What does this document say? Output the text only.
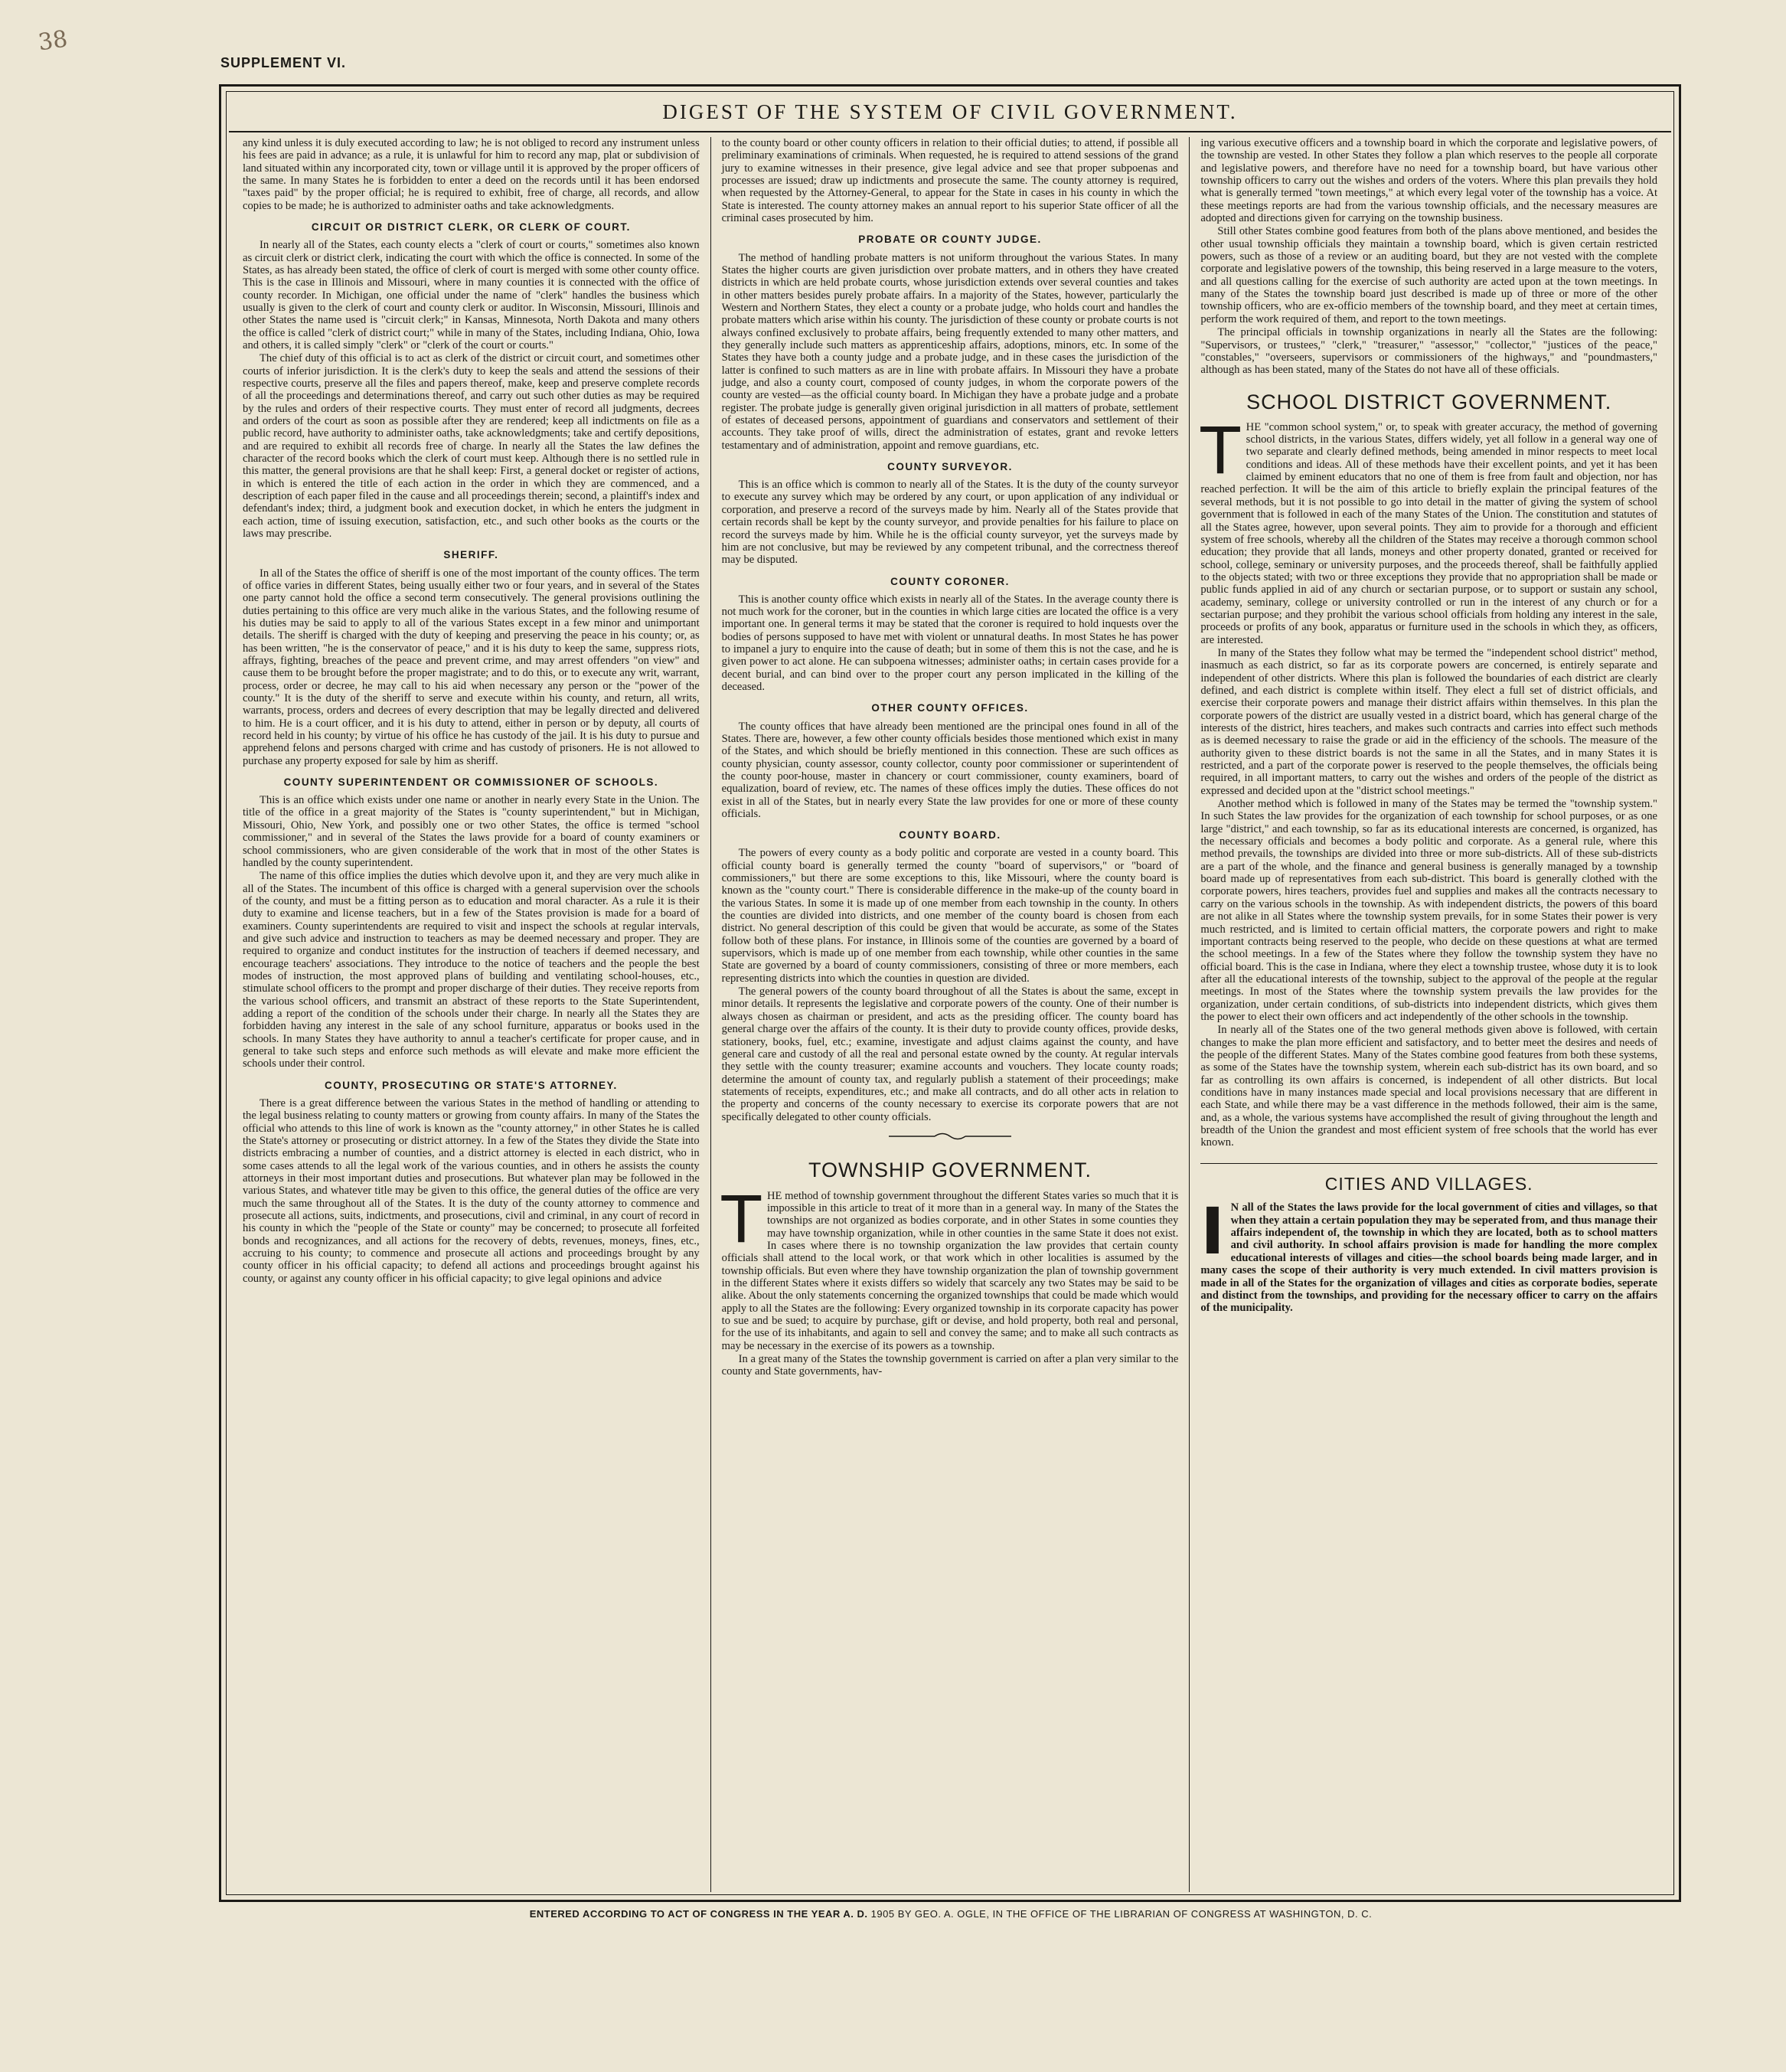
38
SUPPLEMENT VI.
DIGEST OF THE SYSTEM OF CIVIL GOVERNMENT.

any kind unless it is duly executed according to law; he is not obliged to record any instrument unless his fees are paid in advance; as a rule, it is unlawful for him to record any map, plat or subdivision of land situated within any incorporated city, town or village until it is approved by the proper officers of the same. In many States he is forbidden to enter a deed on the records until it has been endorsed "taxes paid" by the proper official; he is required to exhibit, free of charge, all records, and allow copies to be made; he is authorized to administer oaths and take acknowledgments.

CIRCUIT OR DISTRICT CLERK, OR CLERK OF COURT.

In nearly all of the States, each county elects a "clerk of court or courts," sometimes also known as circuit clerk or district clerk, indicating the court with which the office is connected. In some of the States, as has already been stated, the office of clerk of court is merged with some other county office. This is the case in Illinois and Missouri, where in many counties it is connected with the office of county recorder. In Michigan, one official under the name of "clerk" handles the business which usually is given to the clerk of court and county clerk or auditor. In Wisconsin, Missouri, Illinois and other States the name used is "circuit clerk;" in Kansas, Minnesota, North Dakota and many others the office is called "clerk of district court;" while in many of the States, including Indiana, Ohio, Iowa and others, it is called simply "clerk" or "clerk of the court or courts."

The chief duty of this official is to act as clerk of the district or circuit court, and sometimes other courts of inferior jurisdiction. It is the clerk's duty to keep the seals and attend the sessions of their respective courts, preserve all the files and papers thereof, make, keep and preserve complete records of all the proceedings and determinations thereof, and carry out such other duties as may be required by the rules and orders of their respective courts. They must enter of record all judgments, decrees and orders of the court as soon as possible after they are rendered; keep all indictments on file as a public record, have authority to administer oaths, take acknowledgments; take and certify depositions, and are required to exhibit all records free of charge. In nearly all the States the law defines the character of the record books which the clerk of court must keep. Although there is no settled rule in this matter, the general provisions are that he shall keep: First, a general docket or register of actions, in which is entered the title of each action in the order in which they are commenced, and a description of each paper filed in the cause and all proceedings therein; second, a plaintiff's index and defendant's index; third, a judgment book and execution docket, in which he enters the judgment in each action, time of issuing execution, satisfaction, etc., and such other books as the courts or the laws may prescribe.

SHERIFF.

In all of the States the office of sheriff is one of the most important of the county offices. The term of office varies in different States, being usually either two or four years, and in several of the States one party cannot hold the office a second term consecutively. The general provisions outlining the duties pertaining to this office are very much alike in the various States, and the following resume of his duties may be said to apply to all of the various States except in a few minor and unimportant details. The sheriff is charged with the duty of keeping and preserving the peace in his county; or, as has been written, "he is the conservator of peace," and it is his duty to keep the same, suppress riots, affrays, fighting, breaches of the peace and prevent crime, and may arrest offenders "on view" and cause them to be brought before the proper magistrate; and to do this, or to execute any writ, warrant, process, order or decree, he may call to his aid when necessary any person or the "power of the county." It is the duty of the sheriff to serve and execute within his county, and return, all writs, warrants, process, orders and decrees of every description that may be legally directed and delivered to him. He is a court officer, and it is his duty to attend, either in person or by deputy, all courts of record held in his county; by virtue of his office he has custody of the jail. It is his duty to pursue and apprehend felons and persons charged with crime and has custody of prisoners. He is not allowed to purchase any property exposed for sale by him as sheriff.

COUNTY SUPERINTENDENT OR COMMISSIONER OF SCHOOLS.

This is an office which exists under one name or another in nearly every State in the Union. The title of the office in a great majority of the States is "county superintendent," but in Michigan, Missouri, Ohio, New York, and possibly one or two other States, the office is termed "school commissioner," and in several of the States the laws provide for a board of county examiners or school commissioners, who are given considerable of the work that in most of the other States is handled by the county superintendent.

The name of this office implies the duties which devolve upon it, and they are very much alike in all of the States. The incumbent of this office is charged with a general supervision over the schools of the county, and must be a fitting person as to education and moral character. As a rule it is their duty to examine and license teachers, but in a few of the States provision is made for a board of examiners. County superintendents are required to visit and inspect the schools at regular intervals, and give such advice and instruction to teachers as may be deemed necessary and proper. They are required to organize and conduct institutes for the instruction of teachers if deemed necessary, and encourage teachers' associations. They introduce to the notice of teachers and the people the best modes of instruction, the most approved plans of building and ventilating school-houses, etc., stimulate school officers to the prompt and proper discharge of their duties. They receive reports from the various school officers, and transmit an abstract of these reports to the State Superintendent, adding a report of the condition of the schools under their charge. In nearly all the States they are forbidden having any interest in the sale of any school furniture, apparatus or books used in the schools. In many States they have authority to annul a teacher's certificate for proper cause, and in general to take such steps and enforce such methods as will elevate and make more efficient the schools under their control.

COUNTY, PROSECUTING OR STATE'S ATTORNEY.

There is a great difference between the various States in the method of handling or attending to the legal business relating to county matters or growing from county affairs. In many of the States the official who attends to this line of work is known as the "county attorney," in other States he is called the State's attorney or prosecuting or district attorney. In a few of the States they divide the State into districts embracing a number of counties, and a district attorney is elected in each district, who in some cases attends to all the legal work of the various counties, and in others he assists the county attorneys in their most important duties and prosecutions. But whatever plan may be followed in the various States, and whatever title may be given to this office, the general duties of the office are very much the same throughout all of the States. It is the duty of the county attorney to commence and prosecute all actions, suits, indictments, and prosecutions, civil and criminal, in any court of record in his county in which the "people of the State or county" may be concerned; to prosecute all forfeited bonds and recognizances, and all actions for the recovery of debts, revenues, moneys, fines, etc., accruing to his county; to commence and prosecute all actions and proceedings brought by any county officer in his official capacity; to defend all actions and proceedings brought against his county, or against any county officer in his official capacity; to give legal opinions and advice

to the county board or other county officers in relation to their official duties; to attend, if possible all preliminary examinations of criminals. When requested, he is required to attend sessions of the grand jury to examine witnesses in their presence, give legal advice and see that proper subpoenas and processes are issued; draw up indictments and prosecute the same. The county attorney is required, when requested by the Attorney-General, to appear for the State in cases in his county in which the State is interested. The county attorney makes an annual report to his superior State officer of all the criminal cases prosecuted by him.

PROBATE OR COUNTY JUDGE.

The method of handling probate matters is not uniform throughout the various States. In many States the higher courts are given jurisdiction over probate matters, and in others they have created districts in which are held probate courts, whose jurisdiction extends over several counties and takes in other matters besides purely probate affairs. In a majority of the States, however, particularly the Western and Northern States, they elect a county or a probate judge, who holds court and handles the probate matters which arise within his county. The jurisdiction of these county or probate courts is not always confined exclusively to probate affairs, being frequently extended to many other matters, and they generally include such matters as apprenticeship affairs, adoptions, minors, etc. In some of the States they have both a county judge and a probate judge, and in these cases the jurisdiction of the latter is confined to such matters as are in line with probate affairs. In Missouri they have a probate judge, and also a county court, composed of county judges, in whom the corporate powers of the county are vested—as the official county board. In Michigan they have a probate judge and a probate register. The probate judge is generally given original jurisdiction in all matters of probate, settlement of estates of deceased persons, appointment of guardians and conservators and settlement of their accounts. They take proof of wills, direct the administration of estates, grant and revoke letters testamentary and of administration, appoint and remove guardians, etc.

COUNTY SURVEYOR.

This is an office which is common to nearly all of the States. It is the duty of the county surveyor to execute any survey which may be ordered by any court, or upon application of any individual or corporation, and preserve a record of the surveys made by him. Nearly all of the States provide that certain records shall be kept by the county surveyor, and provide penalties for his failure to place on record the surveys made by him. While he is the official county surveyor, yet the surveys made by him are not conclusive, but may be reviewed by any competent tribunal, and the correctness thereof may be disputed.

COUNTY CORONER.

This is another county office which exists in nearly all of the States. In the average county there is not much work for the coroner, but in the counties in which large cities are located the office is a very important one. In general terms it may be stated that the coroner is required to hold inquests over the bodies of persons supposed to have met with violent or unnatural deaths. In most States he has power to impanel a jury to enquire into the cause of death; but in some of them this is not the case, and he is given power to act alone. He can subpoena witnesses; administer oaths; in certain cases provide for a decent burial, and can bind over to the proper court any person implicated in the killing of the deceased.

OTHER COUNTY OFFICES.

The county offices that have already been mentioned are the principal ones found in all of the States. There are, however, a few other county officials besides those mentioned which exist in many of the States, and which should be briefly mentioned in this connection. These are such offices as county physician, county assessor, county collector, county poor commissioner or superintendent of the county poor-house, master in chancery or court commissioner, county examiners, board of equalization, board of review, etc. The names of these offices imply the duties. These offices do not exist in all of the States, but in nearly every State the law provides for one or more of these county officials.

COUNTY BOARD.

The powers of every county as a body politic and corporate are vested in a county board. This official county board is generally termed the county "board of supervisors," or "board of commissioners," but there are some exceptions to this, like Missouri, where the county board is known as the "county court." There is considerable difference in the make-up of the county board in the various States. In some it is made up of one member from each township in the county. In others the counties are divided into districts, and one member of the county board is chosen from each district. No general description of this could be given that would be accurate, as some of the States follow both of these plans. For instance, in Illinois some of the counties are governed by a board of supervisors, which is made up of one member from each township, while other counties in the same State are governed by a board of county commissioners, consisting of three or more members, each representing districts into which the counties in question are divided.

The general powers of the county board throughout of all the States is about the same, except in minor details. It represents the legislative and corporate powers of the county. One of their number is always chosen as chairman or president, and acts as the presiding officer. The county board has general charge over the affairs of the county. It is their duty to provide county offices, provide desks, stationery, books, fuel, etc.; examine, investigate and adjust claims against the county, and have general care and custody of all the real and personal estate owned by the county. At regular intervals they settle with the county treasurer; examine accounts and vouchers. They locate county roads; determine the amount of county tax, and regularly publish a statement of their proceedings; make statements of receipts, expenditures, etc.; and make all contracts, and do all other acts in relation to the property and concerns of the county necessary to exercise its corporate powers that are not specifically delegated to other county officials.

TOWNSHIP GOVERNMENT.

THE method of township government throughout the different States varies so much that it is impossible in this article to treat of it more than in a general way. In many of the States the townships are not organized as bodies corporate, and in other States in some counties they may have township organization, while in other counties in the same State it does not exist. In cases where there is no township organization the law provides that certain county officials shall attend to the local work, or that work which in other localities is assumed by the township officials. But even where they have township organization the plan of township government in the different States where it exists differs so widely that scarcely any two States may be said to be alike. About the only statements concerning the organized townships that could be made which would apply to all the States are the following: Every organized township in its corporate capacity has power to sue and be sued; to acquire by purchase, gift or devise, and hold property, both real and personal, for the use of its inhabitants, and again to sell and convey the same; and to make all such contracts as may be necessary in the exercise of its powers as a township.

In a great many of the States the township government is carried on after a plan very similar to the county and State governments, hav-

ing various executive officers and a township board in which the corporate and legislative powers, of the township are vested. In other States they follow a plan which reserves to the people all corporate and legislative powers, and therefore have no need for a township board, but have various other township officers to carry out the wishes and orders of the voters. Where this plan prevails they hold what is generally termed "town meetings," at which every legal voter of the township has a voice. At these meetings reports are had from the various township officials, and the necessary measures are adopted and directions given for carrying on the township business.

Still other States combine good features from both of the plans above mentioned, and besides the other usual township officials they maintain a township board, which is given certain restricted powers, such as those of a review or an auditing board, but they are not vested with the complete corporate and legislative powers of the township, this being reserved in a large measure to the voters, and all questions calling for the exercise of such authority are acted upon at the town meetings. In many of the States the township board just described is made up of three or more of the other township officers, who are ex-officio members of the township board, and they meet at certain times, perform the work required of them, and report to the town meetings.

The principal officials in township organizations in nearly all the States are the following: "Supervisors, or trustees," "clerk," "treasurer," "assessor," "collector," "justices of the peace," "constables," "overseers, supervisors or commissioners of the highways," and "poundmasters," although as has been stated, many of the States do not have all of these officials.

SCHOOL DISTRICT GOVERNMENT.

THE "common school system," or, to speak with greater accuracy, the method of governing school districts, in the various States, differs widely, yet all follow in a general way one of two separate and clearly defined methods, being amended in minor respects to meet local conditions and ideas. All of these methods have their excellent points, and yet it has been claimed by eminent educators that no one of them is free from fault and objection, nor has reached perfection. It will be the aim of this article to briefly explain the principal features of the several methods, but it is not possible to go into detail in the matter of giving the system of school government that is followed in each of the many States of the Union. The constitution and statutes of all the States agree, however, upon several points. They aim to provide for a thorough and efficient system of free schools, whereby all the children of the States may receive a thorough common school education; they provide that all lands, moneys and other property donated, granted or received for school, college, seminary or university purposes, and the proceeds thereof, shall be faithfully applied to the objects stated; with two or three exceptions they provide that no appropriation shall be made or public funds applied in aid of any church or sectarian purpose, or to support or sustain any school, academy, seminary, college or university controlled or run in the interest of any church or for a sectarian purpose; and they prohibit the various school officials from holding any interest in the sale, proceeds or profits of any book, apparatus or furniture used in the schools in which they, as officers, are interested.

In many of the States they follow what may be termed the "independent school district" method, inasmuch as each district, so far as its corporate powers are concerned, is entirely separate and independent of other districts. Where this plan is followed the boundaries of each district are clearly defined, and each district is complete within itself. They elect a full set of district officials, and exercise their corporate powers and manage their district affairs within themselves. In this plan the corporate powers of the district are usually vested in a district board, which has general charge of the interests of the district, hires teachers, and makes such contracts and carries into effect such methods as is deemed necessary to raise the grade or aid in the efficiency of the schools. The measure of the authority given to these district boards is not the same in all the States, and in many States it is restricted, and a part of the corporate power is reserved to the people themselves, the officials being required, in all important matters, to carry out the wishes and orders of the people of the district as expressed and decided upon at the "district school meetings."

Another method which is followed in many of the States may be termed the "township system." In such States the law provides for the organization of each township for school purposes, or as one large "district," and each township, so far as its educational interests are concerned, is organized, has the necessary officials and becomes a body politic and corporate. As a general rule, where this method prevails, the townships are divided into three or more sub-districts. All of these sub-districts are a part of the whole, and the finance and general business is generally managed by a township board made up of representatives from each sub-district. This board is generally clothed with the corporate powers, hires teachers, provides fuel and supplies and makes all the contracts necessary to carry on the various schools in the township. As with independent districts, the powers of this board are not alike in all States where the township system prevails, for in some States their power is very much restricted, and is limited to certain official matters, the corporate powers and right to make important contracts being reserved to the people, who decide on these questions at what are termed the school meetings. In a few of the States where they follow the township system they have no official board. This is the case in Indiana, where they elect a township trustee, whose duty it is to look after all the educational interests of the township, subject to the approval of the people at the regular meetings. In most of the States where the township system prevails the law provides for the organization, under certain conditions, of sub-districts into independent districts, which gives them the power to elect their own officers and act independently of the other schools in the township.

In nearly all of the States one of the two general methods given above is followed, with certain changes to make the plan more efficient and satisfactory, and to better meet the desires and needs of the people of the different States. Many of the States combine good features from both these systems, as some of the States have the township system, wherein each sub-district has its own board, and so far as controlling its own affairs is concerned, is independent of all other districts. But local conditions have in many instances made special and local provisions necessary that are different in each State, and while there may be a vast difference in the methods followed, their aim is the same, and, as a whole, the various systems have accomplished the result of giving throughout the length and breadth of the Union the grandest and most efficient system of free schools that the world has ever known.

CITIES AND VILLAGES.

I N all of the States the laws provide for the local government of cities and villages, so that when they attain a certain population they may be seperated from, and thus manage their affairs independent of, the township in which they are located, both as to school matters and civil authority. In school affairs provision is made for handling the more complex educational interests of villages and cities—the school boards being made larger, and in many cases the scope of their authority is very much extended. In civil matters provision is made in all of the States for the organization of villages and cities as corporate bodies, seperate and distinct from the townships, and providing for the necessary officer to carry on the affairs of the municipality.

ENTERED ACCORDING TO ACT OF CONGRESS IN THE YEAR A. D. 1905 BY GEO. A. OGLE, IN THE OFFICE OF THE LIBRARIAN OF CONGRESS AT WASHINGTON, D. C.
